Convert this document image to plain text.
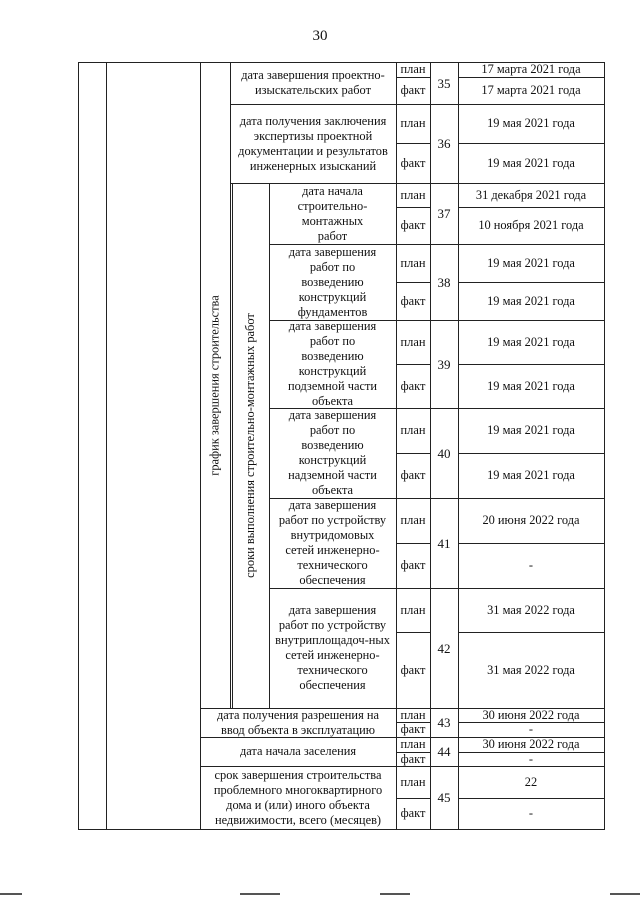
30
график завершения строительства сроки выполнения строительно-монтажных работ
дата завершения проектно-изыскательских работ
план
факт 35
17 марта 2021 года
17 марта 2021 года
дата получения заключения экспертизы проектной документации и результатов инженерных изысканий
план
факт
36
19 мая 2021 года
19 мая 2021 года
дата начала строительно-монтажных работ
план
факт
37
31 декабря 2021 года
10 ноября 2021 года
дата завершения работ по возведению конструкций фундаментов
план
факт
38
19 мая 2021 года
19 мая 2021 года
дата завершения работ по возведению конструкций подземной части объекта
план
факт
39
19 мая 2021 года
19 мая 2021 года
дата завершения работ по возведению конструкций надземной части объекта
план
факт
40
19 мая 2021 года
19 мая 2021 года
дата завершения работ по устройству внутридомовых сетей инженерно-технического обеспечения
план
факт
41
20 июня 2022 года
-
дата завершения работ по устройству внутриплощадоч-ных сетей инженерно-технического обеспечения
план
факт
42
31 мая 2022 года
31 мая 2022 года
дата получения разрешения на ввод объекта в эксплуатацию
план
факт 43
30 июня 2022 года
-
дата начала заселения	план
факт 44	30 июня 2022 года
-
срок завершения строительства проблемного многоквартирного дома и (или) иного объекта недвижимости, всего (месяцев)
план
факт
45
22
-
